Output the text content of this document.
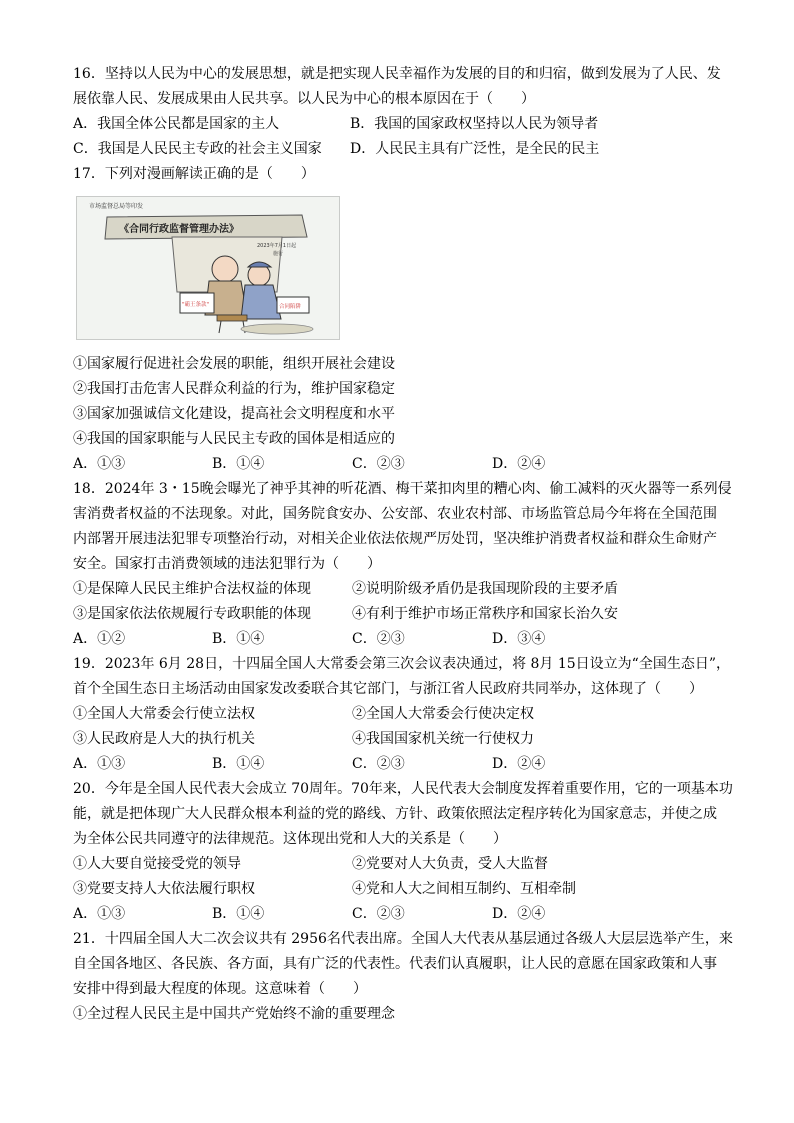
16．坚持以人民为中心的发展思想，就是把实现人民幸福作为发展的目的和归宿，做到发展为了人民、发
展依靠人民、发展成果由人民共享。以人民为中心的根本原因在于（　　）
A．我国全体公民都是国家的主人	B．我国的国家政权坚持以人民为领导者
C．我国是人民民主专政的社会主义国家 D．人民民主具有广泛性，是全民的民主
17．下列对漫画解读正确的是（　　）
市场监督总局等印发
《合同行政监督管理办法》
2023年7月1日起
施行
"霸王条款"	合同陷阱
①国家履行促进社会发展的职能，组织开展社会建设
②我国打击危害人民群众利益的行为，维护国家稳定
③国家加强诚信文化建设，提高社会文明程度和水平
④我国的国家职能与人民民主专政的国体是相适应的
A．①③	B．①④	C．②③	D．②④
18．2024年 3・15晚会曝光了神乎其神的听花酒、梅干菜扣肉里的糟心肉、偷工减料的灭火器等一系列侵
害消费者权益的不法现象。对此，国务院食安办、公安部、农业农村部、市场监管总局今年将在全国范围
内部署开展违法犯罪专项整治行动，对相关企业依法依规严厉处罚，坚决维护消费者权益和群众生命财产
安全。国家打击消费领域的违法犯罪行为（　　）
①是保障人民民主维护合法权益的体现	②说明阶级矛盾仍是我国现阶段的主要矛盾
③是国家依法依规履行专政职能的体现	④有利于维护市场正常秩序和国家长治久安
A．①②	B．①④	C．②③	D．③④
19．2023年 6月 28日，十四届全国人大常委会第三次会议表决通过，将 8月 15日设立为“全国生态日”，
首个全国生态日主场活动由国家发改委联合其它部门，与浙江省人民政府共同举办，这体现了（　　）
①全国人大常委会行使立法权	②全国人大常委会行使决定权
③人民政府是人大的执行机关	④我国国家机关统一行使权力
A．①③	B．①④	C．②③	D．②④
20．今年是全国人民代表大会成立 70周年。70年来，人民代表大会制度发挥着重要作用，它的一项基本功
能，就是把体现广大人民群众根本利益的党的路线、方针、政策依照法定程序转化为国家意志，并使之成
为全体公民共同遵守的法律规范。这体现出党和人大的关系是（　　）
①人大要自觉接受党的领导	②党要对人大负责，受人大监督
③党要支持人大依法履行职权	④党和人大之间相互制约、互相牵制
A．①③	B．①④	C．②③	D．②④
21．十四届全国人大二次会议共有 2956名代表出席。全国人大代表从基层通过各级人大层层选举产生，来
自全国各地区、各民族、各方面，具有广泛的代表性。代表们认真履职，让人民的意愿在国家政策和人事
安排中得到最大程度的体现。这意味着（　　）
①全过程人民民主是中国共产党始终不渝的重要理念
